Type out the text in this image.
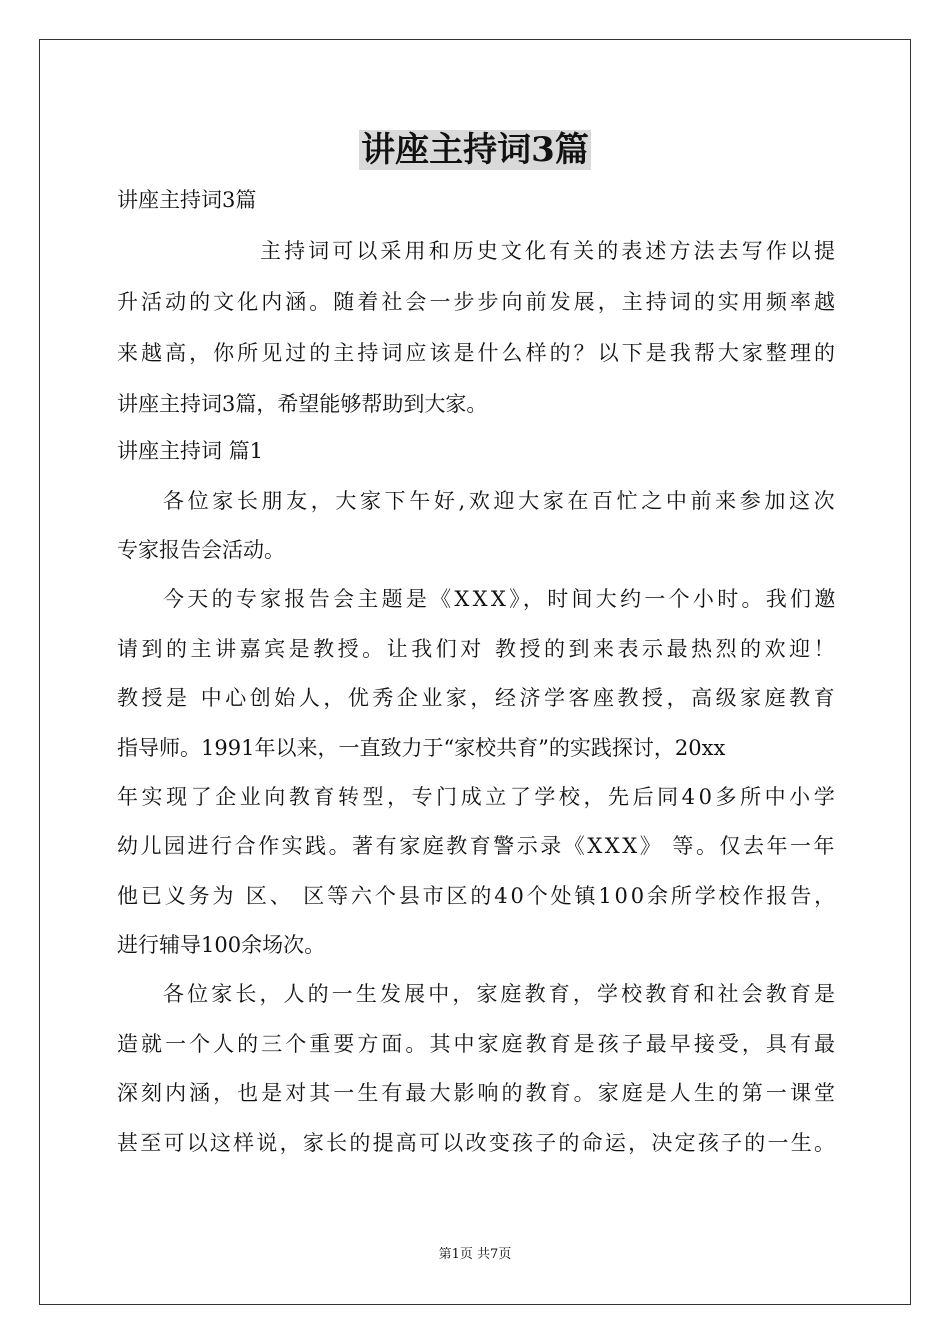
讲座主持词3篇
讲座主持词3篇
主持词可以采用和历史文化有关的表述方法去写作以提
升活动的文化内涵。随着社会一步步向前发展，主持词的实用频率越
来越高，你所见过的主持词应该是什么样的？以下是我帮大家整理的
讲座主持词3篇，希望能够帮助到大家。
讲座主持词 篇1
各位家长朋友，大家下午好,欢迎大家在百忙之中前来参加这次
专家报告会活动。
今天的专家报告会主题是《XXX》，时间大约一个小时。我们邀
请到的主讲嘉宾是教授。让我们对 教授的到来表示最热烈的欢迎！
教授是 中心创始人，优秀企业家，经济学客座教授，高级家庭教育
指导师。1991年以来，一直致力于“家校共育”的实践探讨，20xx
年实现了企业向教育转型，专门成立了学校，先后同40多所中小学
幼儿园进行合作实践。著有家庭教育警示录《XXX》 等。仅去年一年
他已义务为 区、 区等六个县市区的40个处镇100余所学校作报告，
进行辅导100余场次。
各位家长，人的一生发展中，家庭教育，学校教育和社会教育是
造就一个人的三个重要方面。其中家庭教育是孩子最早接受，具有最
深刻内涵，也是对其一生有最大影响的教育。家庭是人生的第一课堂
甚至可以这样说，家长的提高可以改变孩子的命运，决定孩子的一生。
第1页 共7页
